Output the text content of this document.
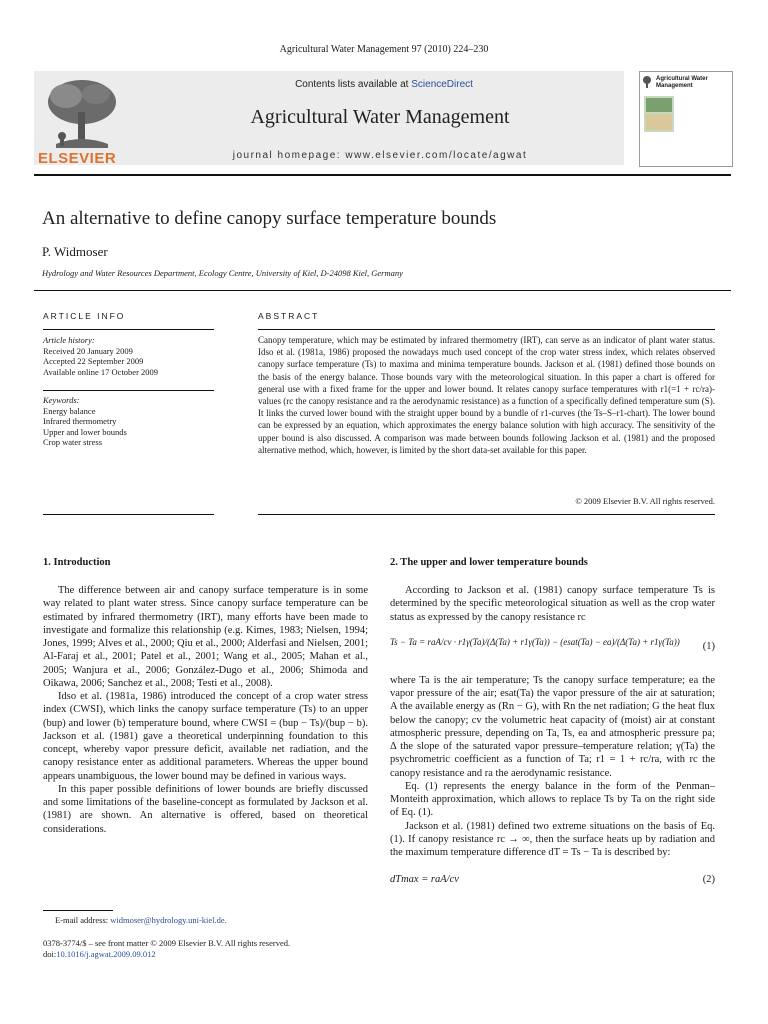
Agricultural Water Management 97 (2010) 224–230
ELSEVIER
Contents lists available at ScienceDirect
Agricultural Water Management
journal homepage: www.elsevier.com/locate/agwat
Agricultural Water Management
An alternative to define canopy surface temperature bounds
P. Widmoser
Hydrology and Water Resources Department, Ecology Centre, University of Kiel, D-24098 Kiel, Germany
ARTICLE INFO
Article history:
Received 20 January 2009
Accepted 22 September 2009
Available online 17 October 2009
Keywords:
Energy balance
Infrared thermometry
Upper and lower bounds
Crop water stress
ABSTRACT
Canopy temperature, which may be estimated by infrared thermometry (IRT), can serve as an indicator of plant water status. Idso et al. (1981a, 1986) proposed the nowadays much used concept of the crop water stress index, which relates observed canopy surface temperature (Ts) to maxima and minima temperature bounds. Jackson et al. (1981) defined those bounds on the basis of the energy balance. Those bounds vary with the meteorological situation. In this paper a chart is offered for general use with a fixed frame for the upper and lower bound. It relates canopy surface temperatures with r1(=1 + rc/ra)-values (rc the canopy resistance and ra the aerodynamic resistance) as a function of a specifically defined temperature sum (S). It links the curved lower bound with the straight upper bound by a bundle of r1-curves (the Ts–S–r1-chart). The lower bound can be expressed by an equation, which approximates the energy balance solution with high accuracy. The sensitivity of the upper bound is also discussed. A comparison was made between bounds following Jackson et al. (1981) and the proposed alternative method, which, however, is limited by the short data-set available for this paper.
© 2009 Elsevier B.V. All rights reserved.
1. Introduction

The difference between air and canopy surface temperature is in some way related to plant water stress. Since canopy surface temperature can be estimated by infrared thermometry (IRT), many efforts have been made to investigate and formalize this relationship (e.g. Kimes, 1983; Nielsen, 1994; Jones, 1999; Alves et al., 2000; Qiu et al., 2000; Alderfasi and Nielsen, 2001; Al-Faraj et al., 2001; Patel et al., 2001; Wang et al., 2005; Mahan et al., 2005; Wanjura et al., 2006; González-Dugo et al., 2006; Shimoda and Oikawa, 2006; Sanchez et al., 2008; Testi et al., 2008).

Idso et al. (1981a, 1986) introduced the concept of a crop water stress index (CWSI), which links the canopy surface temperature (Ts) to an upper (bup) and lower (b) temperature bound, where CWSI = (bup − Ts)/(bup − b). Jackson et al. (1981) gave a theoretical underpinning foundation to this concept, whereby vapor pressure deficit, available net radiation, and the canopy resistance enter as additional parameters. Whereas the upper bound appears unambiguous, the lower bound may be defined in various ways.

In this paper possible definitions of lower bounds are briefly discussed and some limitations of the baseline-concept as formulated by Jackson et al. (1981) are shown. An alternative is offered, based on theoretical considerations.

2. The upper and lower temperature bounds

According to Jackson et al. (1981) canopy surface temperature Ts is determined by the specific meteorological situation as well as the crop water status as expressed by the canopy resistance rc

Ts − Ta = raA/cv · r1γ(Ta)/(Δ(Ta) + r1γ(Ta)) − (esat(Ta) − ea)/(Δ(Ta) + r1γ(Ta))	(1)

where Ta is the air temperature; Ts the canopy surface temperature; ea the vapor pressure of the air; esat(Ta) the vapor pressure of the air at saturation; A the available energy as (Rn − G), with Rn the net radiation; G the heat flux below the canopy; cv the volumetric heat capacity of (moist) air at constant atmospheric pressure, depending on Ta, Ts, ea and atmospheric pressure pa; Δ the slope of the saturated vapor pressure–temperature relation; γ(Ta) the psychrometric coefficient as a function of Ta; r1 = 1 + rc/ra, with rc the canopy resistance and ra the aerodynamic resistance.

Eq. (1) represents the energy balance in the form of the Penman–Monteith approximation, which allows to replace Ts by Ta on the right side of Eq. (1).

Jackson et al. (1981) defined two extreme situations on the basis of Eq. (1). If canopy resistance rc → ∞, then the surface heats up by radiation and the maximum temperature difference dT = Ts − Ta is described by:

dTmax = raA/cv	(2)
E-mail address: widmoser@hydrology.uni-kiel.de.
0378-3774/$ – see front matter © 2009 Elsevier B.V. All rights reserved.
doi:10.1016/j.agwat.2009.09.012
